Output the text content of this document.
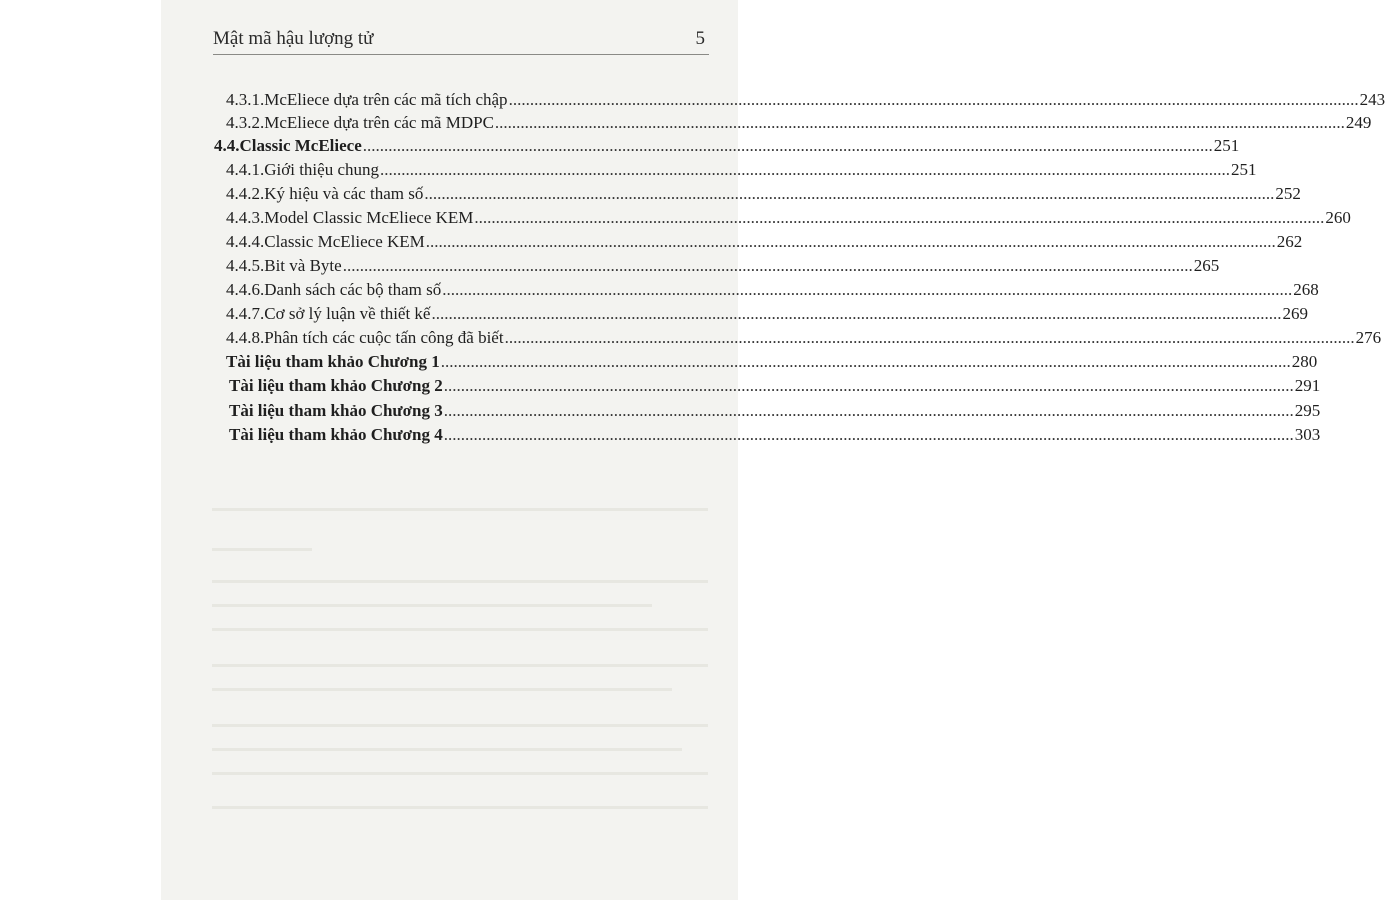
Mật mã hậu lượng tử	5
4.3.1. McEliece dựa trên các mã tích chập ........................................................................................................................................................................................................ 243
4.3.2. McEliece dựa trên các mã MDPC ........................................................................................................................................................................................................ 249
4.4. Classic McEliece ........................................................................................................................................................................................................ 251
4.4.1. Giới thiệu chung ........................................................................................................................................................................................................ 251
4.4.2. Ký hiệu và các tham số ........................................................................................................................................................................................................ 252
4.4.3. Model Classic McEliece KEM ........................................................................................................................................................................................................ 260
4.4.4. Classic McEliece KEM ........................................................................................................................................................................................................ 262
4.4.5. Bit và Byte ........................................................................................................................................................................................................ 265
4.4.6. Danh sách các bộ tham số ........................................................................................................................................................................................................ 268
4.4.7. Cơ sở lý luận về thiết kế ........................................................................................................................................................................................................ 269
4.4.8. Phân tích các cuộc tấn công đã biết ........................................................................................................................................................................................................ 276
Tài liệu tham khảo Chương 1 ........................................................................................................................................................................................................ 280
Tài liệu tham khảo Chương 2 ........................................................................................................................................................................................................ 291
Tài liệu tham khảo Chương 3 ........................................................................................................................................................................................................ 295
Tài liệu tham khảo Chương 4 ........................................................................................................................................................................................................ 303
